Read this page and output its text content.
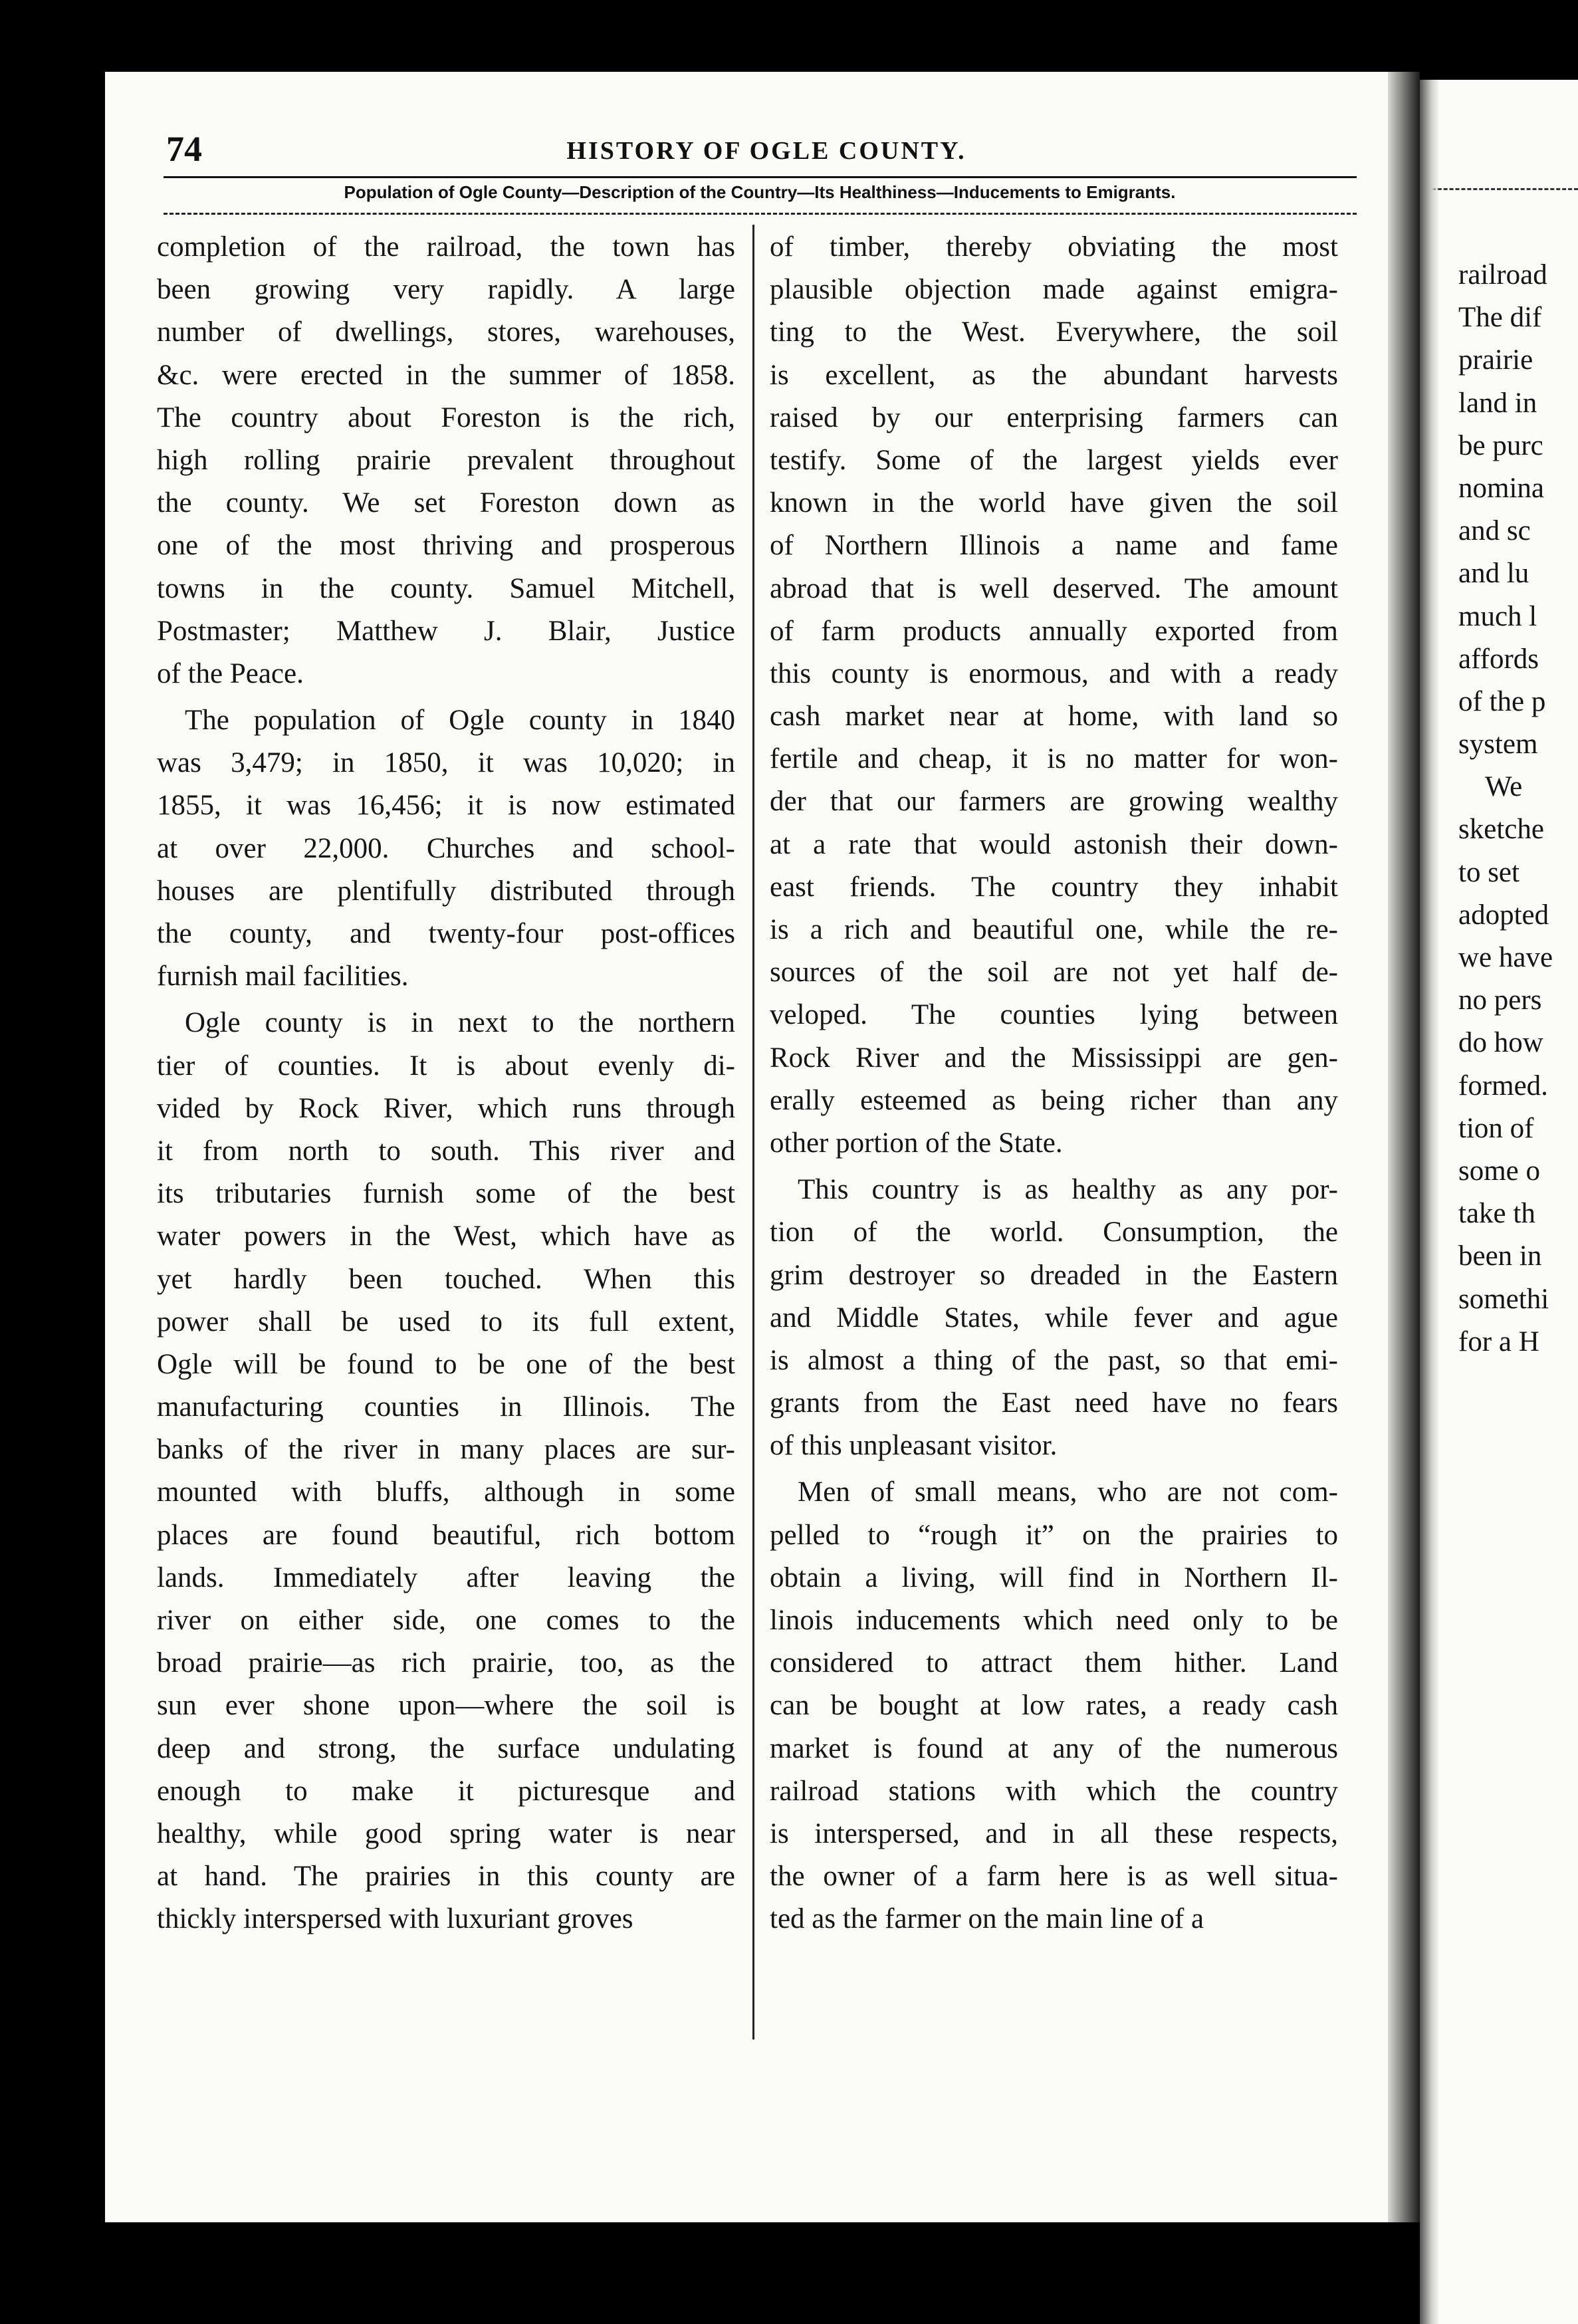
74	HISTORY OF OGLE COUNTY.
Population of Ogle County—Description of the Country—Its Healthiness—Inducements to Emigrants.

completion of the railroad, the town has
been growing very rapidly. A large
number of dwellings, stores, warehouses,
&c. were erected in the summer of 1858.
The country about Foreston is the rich,
high rolling prairie prevalent throughout
the county. We set Foreston down as
one of the most thriving and prosperous
towns in the county. Samuel Mitchell,
Postmaster; Matthew J. Blair, Justice
of the Peace.

The population of Ogle county in 1840
was 3,479; in 1850, it was 10,020; in
1855, it was 16,456; it is now estimated
at over 22,000. Churches and school-
houses are plentifully distributed through
the county, and twenty-four post-offices
furnish mail facilities.

Ogle county is in next to the northern
tier of counties. It is about evenly di-
vided by Rock River, which runs through
it from north to south. This river and
its tributaries furnish some of the best
water powers in the West, which have as
yet hardly been touched. When this
power shall be used to its full extent,
Ogle will be found to be one of the best
manufacturing counties in Illinois. The
banks of the river in many places are sur-
mounted with bluffs, although in some
places are found beautiful, rich bottom
lands. Immediately after leaving the
river on either side, one comes to the
broad prairie—as rich prairie, too, as the
sun ever shone upon—where the soil is
deep and strong, the surface undulating
enough to make it picturesque and
healthy, while good spring water is near
at hand. The prairies in this county are
thickly interspersed with luxuriant groves

of timber, thereby obviating the most
plausible objection made against emigra-
ting to the West. Everywhere, the soil
is excellent, as the abundant harvests
raised by our enterprising farmers can
testify. Some of the largest yields ever
known in the world have given the soil
of Northern Illinois a name and fame
abroad that is well deserved. The amount
of farm products annually exported from
this county is enormous, and with a ready
cash market near at home, with land so
fertile and cheap, it is no matter for won-
der that our farmers are growing wealthy
at a rate that would astonish their down-
east friends. The country they inhabit
is a rich and beautiful one, while the re-
sources of the soil are not yet half de-
veloped. The counties lying between
Rock River and the Mississippi are gen-
erally esteemed as being richer than any
other portion of the State.

This country is as healthy as any por-
tion of the world. Consumption, the
grim destroyer so dreaded in the Eastern
and Middle States, while fever and ague
is almost a thing of the past, so that emi-
grants from the East need have no fears
of this unpleasant visitor.

Men of small means, who are not com-
pelled to “rough it” on the prairies to
obtain a living, will find in Northern Il-
linois inducements which need only to be
considered to attract them hither. Land
can be bought at low rates, a ready cash
market is found at any of the numerous
railroad stations with which the country
is interspersed, and in all these respects,
the owner of a farm here is as well situa-
ted as the farmer on the main line of a

railroad
The dif
prairie
land in
be purc
nomina
and sc
and lu
much l
affords
of the p
system
We
sketche
to set
adopted
we have
no pers
do how
formed.
tion of
some o
take th
been in
somethi
for a H
